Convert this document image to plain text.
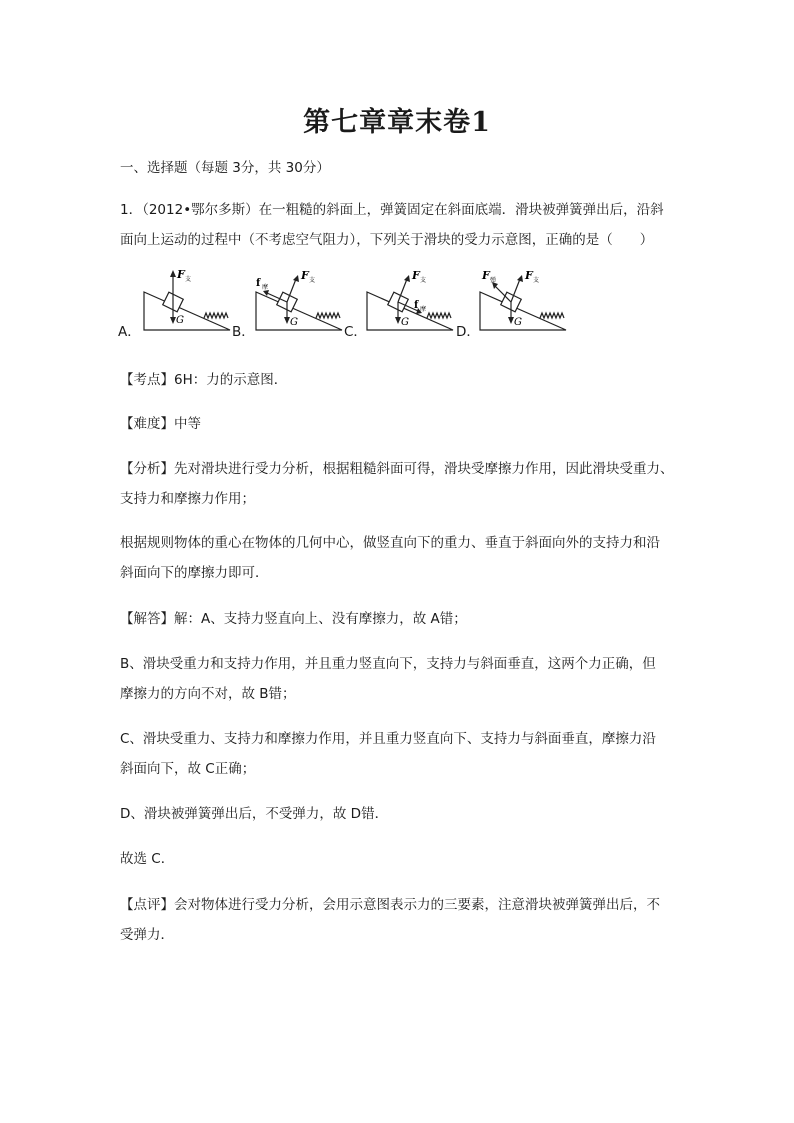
第七章章末卷1
一、选择题（每题 3分，共 30分）
1．（2012•鄂尔多斯）在一粗糙的斜面上，弹簧固定在斜面底端．滑块被弹簧弹出后，沿斜
面向上运动的过程中（不考虑空气阻力），下列关于滑块的受力示意图，正确的是（　　）
A．
F 支
G
B．
F 支
f 摩
G
C．
F 支
f 摩
G
D．
F 支
F 弹
G
【考点】6H：力的示意图．
【难度】中等
【分析】先对滑块进行受力分析，根据粗糙斜面可得，滑块受摩擦力作用，因此滑块受重力、
支持力和摩擦力作用；
根据规则物体的重心在物体的几何中心，做竖直向下的重力、垂直于斜面向外的支持力和沿
斜面向下的摩擦力即可．
【解答】解：A、支持力竖直向上、没有摩擦力，故 A错；
B、滑块受重力和支持力作用，并且重力竖直向下，支持力与斜面垂直，这两个力正确，但
摩擦力的方向不对，故 B错；
C、滑块受重力、支持力和摩擦力作用，并且重力竖直向下、支持力与斜面垂直，摩擦力沿
斜面向下，故 C正确；
D、滑块被弹簧弹出后，不受弹力，故 D错．
故选 C．
【点评】会对物体进行受力分析，会用示意图表示力的三要素，注意滑块被弹簧弹出后，不
受弹力．
